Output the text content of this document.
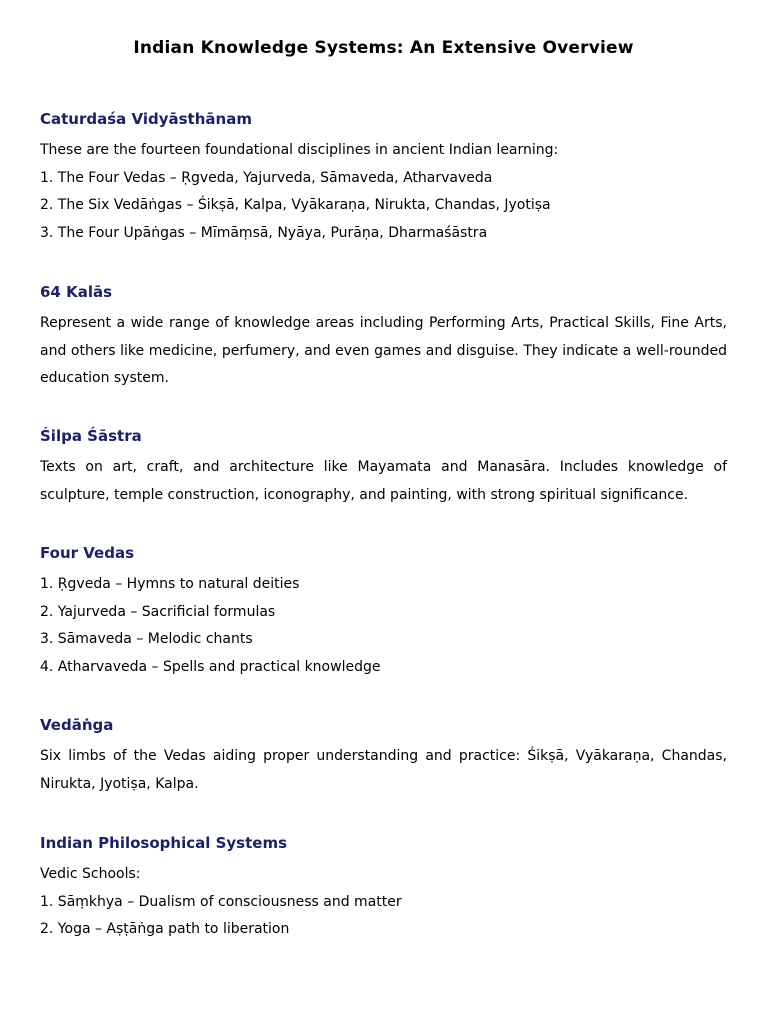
Indian Knowledge Systems: An Extensive Overview
Caturdaśa Vidyāsthānam

These are the fourteen foundational disciplines in ancient Indian learning:

1. The Four Vedas – Ṛgveda, Yajurveda, Sāmaveda, Atharvaveda

2. The Six Vedāṅgas – Śikṣā, Kalpa, Vyākaraṇa, Nirukta, Chandas, Jyotiṣa

3. The Four Upāṅgas – Mīmāṃsā, Nyāya, Purāṇa, Dharmaśāstra

64 Kalās

Represent a wide range of knowledge areas including Performing Arts, Practical Skills, Fine Arts, and others like medicine, perfumery, and even games and disguise. They indicate a well-rounded education system.

Śilpa Śāstra

Texts on art, craft, and architecture like Mayamata and Manasāra. Includes knowledge of sculpture, temple construction, iconography, and painting, with strong spiritual significance.

Four Vedas

1. Ṛgveda – Hymns to natural deities

2. Yajurveda – Sacrificial formulas

3. Sāmaveda – Melodic chants

4. Atharvaveda – Spells and practical knowledge

Vedāṅga

Six limbs of the Vedas aiding proper understanding and practice: Śikṣā, Vyākaraṇa, Chandas, Nirukta, Jyotiṣa, Kalpa.

Indian Philosophical Systems

Vedic Schools:

1. Sāṃkhya – Dualism of consciousness and matter

2. Yoga – Aṣṭāṅga path to liberation
